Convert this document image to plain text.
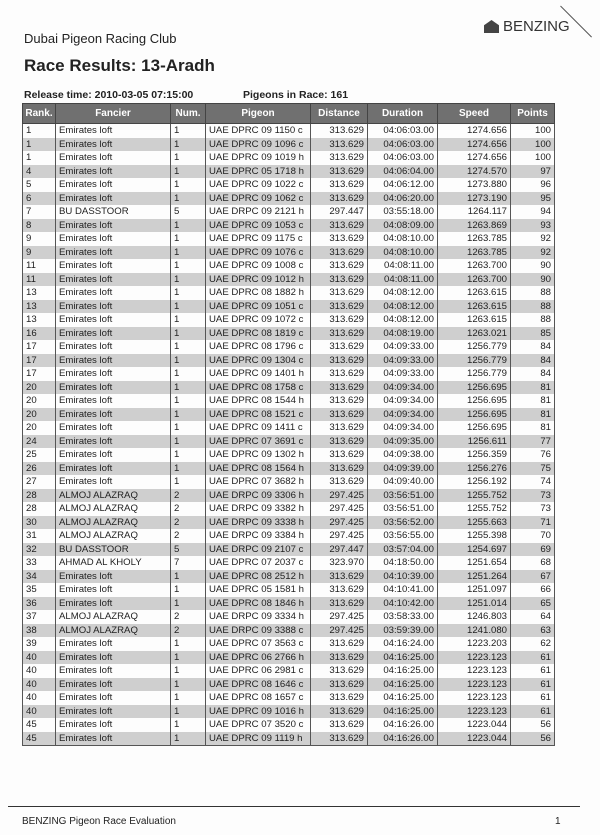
BENZING
Dubai Pigeon Racing Club
Race Results: 13-Aradh
Release time: 2010-03-05 07:15:00	Pigeons in Race: 161
Rank.	Fancier	Num.	Pigeon	Distance	Duration	Speed	Points
1	Emirates loft	1	UAE DPRC 09 1150 c	313.629	04:06:03.00	1274.656	100
1	Emirates loft	1	UAE DPRC 09 1096 c	313.629	04:06:03.00	1274.656	100
1	Emirates loft	1	UAE DPRC 09 1019 h	313.629	04:06:03.00	1274.656	100
4	Emirates loft	1	UAE DPRC 05 1718 h	313.629	04:06:04.00	1274.570	97
5	Emirates loft	1	UAE DPRC 09 1022 c	313.629	04:06:12.00	1273.880	96
6	Emirates loft	1	UAE DPRC 09 1062 c	313.629	04:06:20.00	1273.190	95
7	BU DASSTOOR	5	UAE DRPC 09 2121 h	297.447	03:55:18.00	1264.117	94
8	Emirates loft	1	UAE DPRC 09 1053 c	313.629	04:08:09.00	1263.869	93
9	Emirates loft	1	UAE DPRC 09 1175 c	313.629	04:08:10.00	1263.785	92
9	Emirates loft	1	UAE DPRC 09 1076 c	313.629	04:08:10.00	1263.785	92
11	Emirates loft	1	UAE DPRC 09 1008 c	313.629	04:08:11.00	1263.700	90
11	Emirates loft	1	UAE DPRC 09 1012 h	313.629	04:08:11.00	1263.700	90
13	Emirates loft	1	UAE DPRC 08 1882 h	313.629	04:08:12.00	1263.615	88
13	Emirates loft	1	UAE DPRC 09 1051 c	313.629	04:08:12.00	1263.615	88
13	Emirates loft	1	UAE DPRC 09 1072 c	313.629	04:08:12.00	1263.615	88
16	Emirates loft	1	UAE DPRC 08 1819 c	313.629	04:08:19.00	1263.021	85
17	Emirates loft	1	UAE DPRC 08 1796 c	313.629	04:09:33.00	1256.779	84
17	Emirates loft	1	UAE DPRC 09 1304 c	313.629	04:09:33.00	1256.779	84
17	Emirates loft	1	UAE DPRC 09 1401 h	313.629	04:09:33.00	1256.779	84
20	Emirates loft	1	UAE DPRC 08 1758 c	313.629	04:09:34.00	1256.695	81
20	Emirates loft	1	UAE DPRC 08 1544 h	313.629	04:09:34.00	1256.695	81
20	Emirates loft	1	UAE DPRC 08 1521 c	313.629	04:09:34.00	1256.695	81
20	Emirates loft	1	UAE DPRC 09 1411 c	313.629	04:09:34.00	1256.695	81
24	Emirates loft	1	UAE DPRC 07 3691 c	313.629	04:09:35.00	1256.611	77
25	Emirates loft	1	UAE DPRC 09 1302 h	313.629	04:09:38.00	1256.359	76
26	Emirates loft	1	UAE DPRC 08 1564 h	313.629	04:09:39.00	1256.276	75
27	Emirates loft	1	UAE DPRC 07 3682 h	313.629	04:09:40.00	1256.192	74
28	ALMOJ ALAZRAQ	2	UAE DRPC 09 3306 h	297.425	03:56:51.00	1255.752	73
28	ALMOJ ALAZRAQ	2	UAE DRPC 09 3382 h	297.425	03:56:51.00	1255.752	73
30	ALMOJ ALAZRAQ	2	UAE DRPC 09 3338 h	297.425	03:56:52.00	1255.663	71
31	ALMOJ ALAZRAQ	2	UAE DRPC 09 3384 h	297.425	03:56:55.00	1255.398	70
32	BU DASSTOOR	5	UAE DRPC 09 2107 c	297.447	03:57:04.00	1254.697	69
33	AHMAD AL KHOLY	7	UAE DPRC 07 2037 c	323.970	04:18:50.00	1251.654	68
34	Emirates loft	1	UAE DPRC 08 2512 h	313.629	04:10:39.00	1251.264	67
35	Emirates loft	1	UAE DPRC 05 1581 h	313.629	04:10:41.00	1251.097	66
36	Emirates loft	1	UAE DPRC 08 1846 h	313.629	04:10:42.00	1251.014	65
37	ALMOJ ALAZRAQ	2	UAE DRPC 09 3334 h	297.425	03:58:33.00	1246.803	64
38	ALMOJ ALAZRAQ	2	UAE DRPC 09 3388 c	297.425	03:59:39.00	1241.080	63
39	Emirates loft	1	UAE DPRC 07 3563 c	313.629	04:16:24.00	1223.203	62
40	Emirates loft	1	UAE DPRC 06 2766 h	313.629	04:16:25.00	1223.123	61
40	Emirates loft	1	UAE DPRC 06 2981 c	313.629	04:16:25.00	1223.123	61
40	Emirates loft	1	UAE DPRC 08 1646 c	313.629	04:16:25.00	1223.123	61
40	Emirates loft	1	UAE DPRC 08 1657 c	313.629	04:16:25.00	1223.123	61
40	Emirates loft	1	UAE DPRC 09 1016 h	313.629	04:16:25.00	1223.123	61
45	Emirates loft	1	UAE DPRC 07 3520 c	313.629	04:16:26.00	1223.044	56
45	Emirates loft	1	UAE DPRC 09 1119 h	313.629	04:16:26.00	1223.044	56
BENZING Pigeon Race Evaluation	1
